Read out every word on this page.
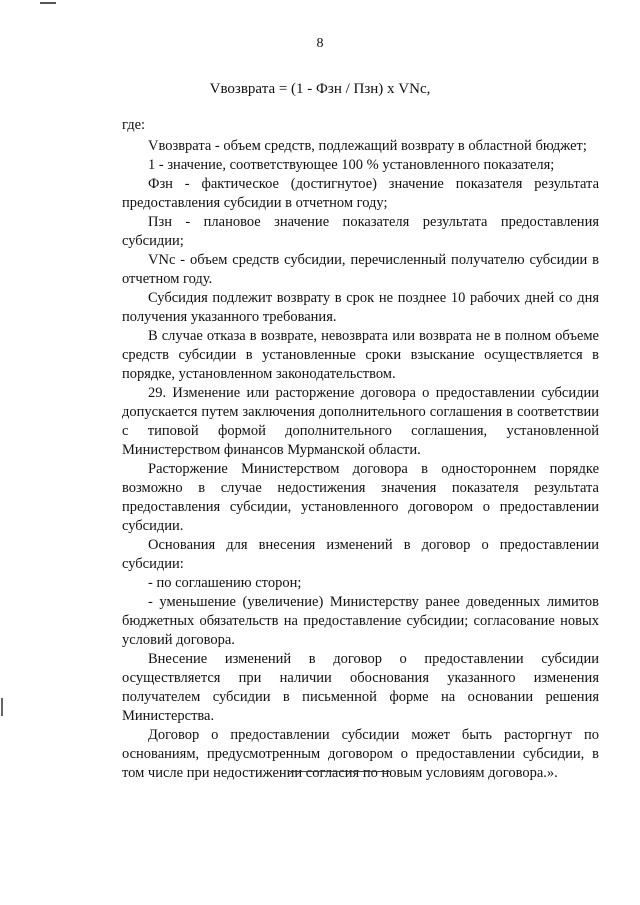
8
Vвозврата = (1 - Фзн / Пзн) х VNс,

где:

Vвозврата - объем средств, подлежащий возврату в областной бюджет;

1 - значение, соответствующее 100 % установленного показателя;

Фзн - фактическое (достигнутое) значение показателя результата предоставления субсидии в отчетном году;

Пзн - плановое значение показателя результата предоставления субсидии;

VNс - объем средств субсидии, перечисленный получателю субсидии в отчетном году.

Субсидия подлежит возврату в срок не позднее 10 рабочих дней со дня получения указанного требования.

В случае отказа в возврате, невозврата или возврата не в полном объеме средств субсидии в установленные сроки взыскание осуществляется в порядке, установленном законодательством.

29. Изменение или расторжение договора о предоставлении субсидии допускается путем заключения дополнительного соглашения в соответствии с типовой формой дополнительного соглашения, установленной Министерством финансов Мурманской области.

Расторжение Министерством договора в одностороннем порядке возможно в случае недостижения значения показателя результата предоставления субсидии, установленного договором о предоставлении субсидии.

Основания для внесения изменений в договор о предоставлении субсидии:

- по соглашению сторон;

- уменьшение (увеличение) Министерству ранее доведенных лимитов бюджетных обязательств на предоставление субсидии; согласование новых условий договора.

Внесение изменений в договор о предоставлении субсидии осуществляется при наличии обоснования указанного изменения получателем субсидии в письменной форме на основании решения Министерства.

Договор о предоставлении субсидии может быть расторгнут по основаниям, предусмотренным договором о предоставлении субсидии, в том числе при недостижении согласия по новым условиям договора.».
